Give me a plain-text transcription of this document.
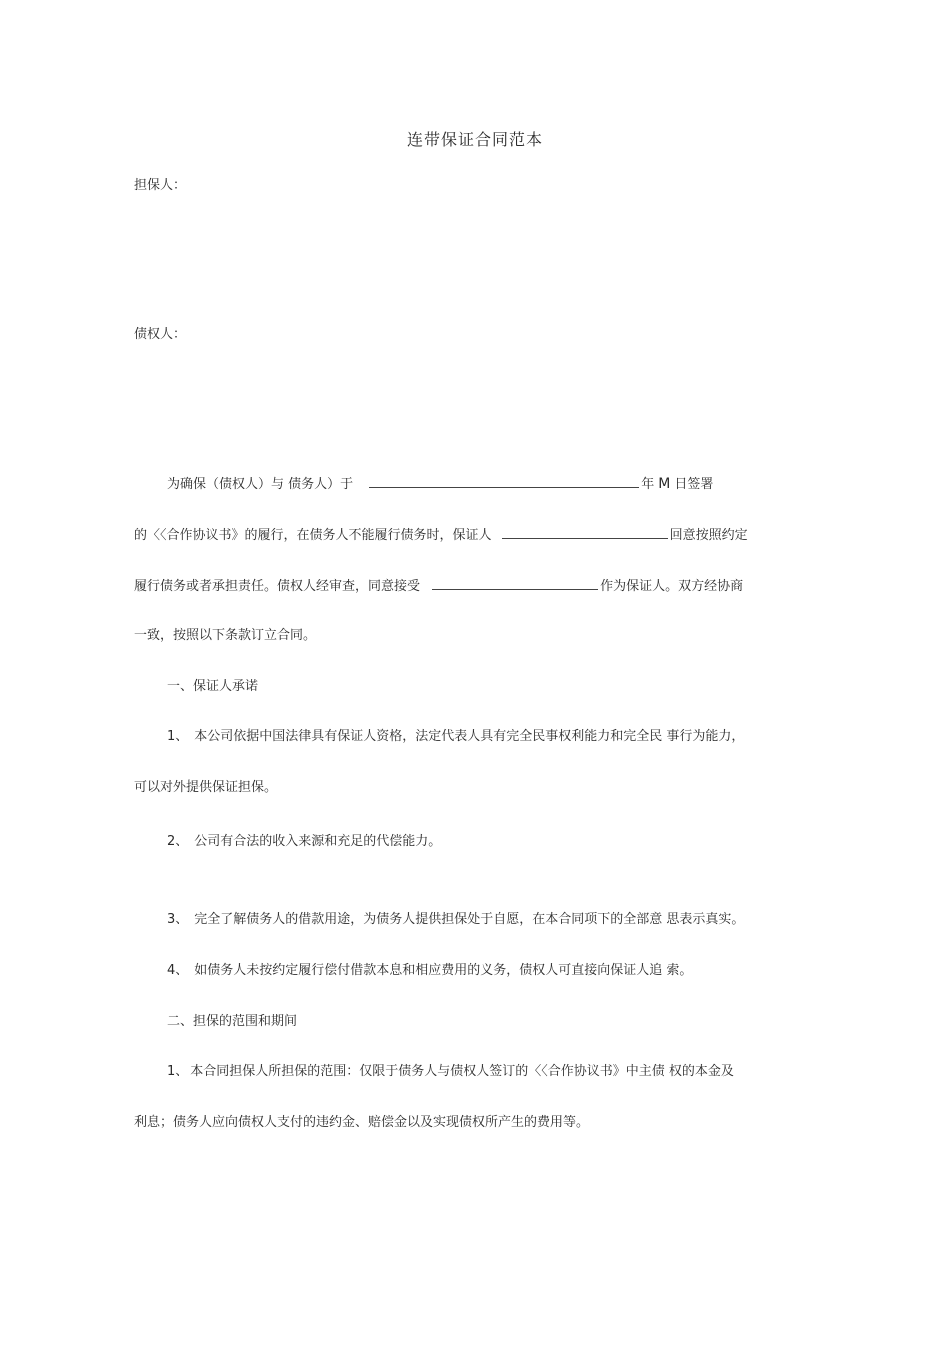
连带保证合同范本
担保人：
债权人：
为确保（债权人）与 债务人）于	年 M 日签署
的〈〈合作协议书》的履行，在债务人不能履行债务时，保证人	回意按照约定
履行债务或者承担责任。债权人经审查，同意接受	作为保证人。双方经协商
一致，按照以下条款订立合同。
一、保证人承诺
1、 本公司依据中国法律具有保证人资格，法定代表人具有完全民事权利能力和完全民 事行为能力，
可以对外提供保证担保。
2、 公司有合法的收入来源和充足的代偿能力。
3、 完全了解债务人的借款用途，为债务人提供担保处于自愿，在本合同项下的全部意 思表示真实。
4、 如债务人未按约定履行偿付借款本息和相应费用的义务，债权人可直接向保证人追 索。
二、担保的范围和期间
1、 本合同担保人所担保的范围：仅限于债务人与债权人签订的〈〈合作协议书》中主债 权的本金及
利息；债务人应向债权人支付的违约金、赔偿金以及实现债权所产生的费用等。
